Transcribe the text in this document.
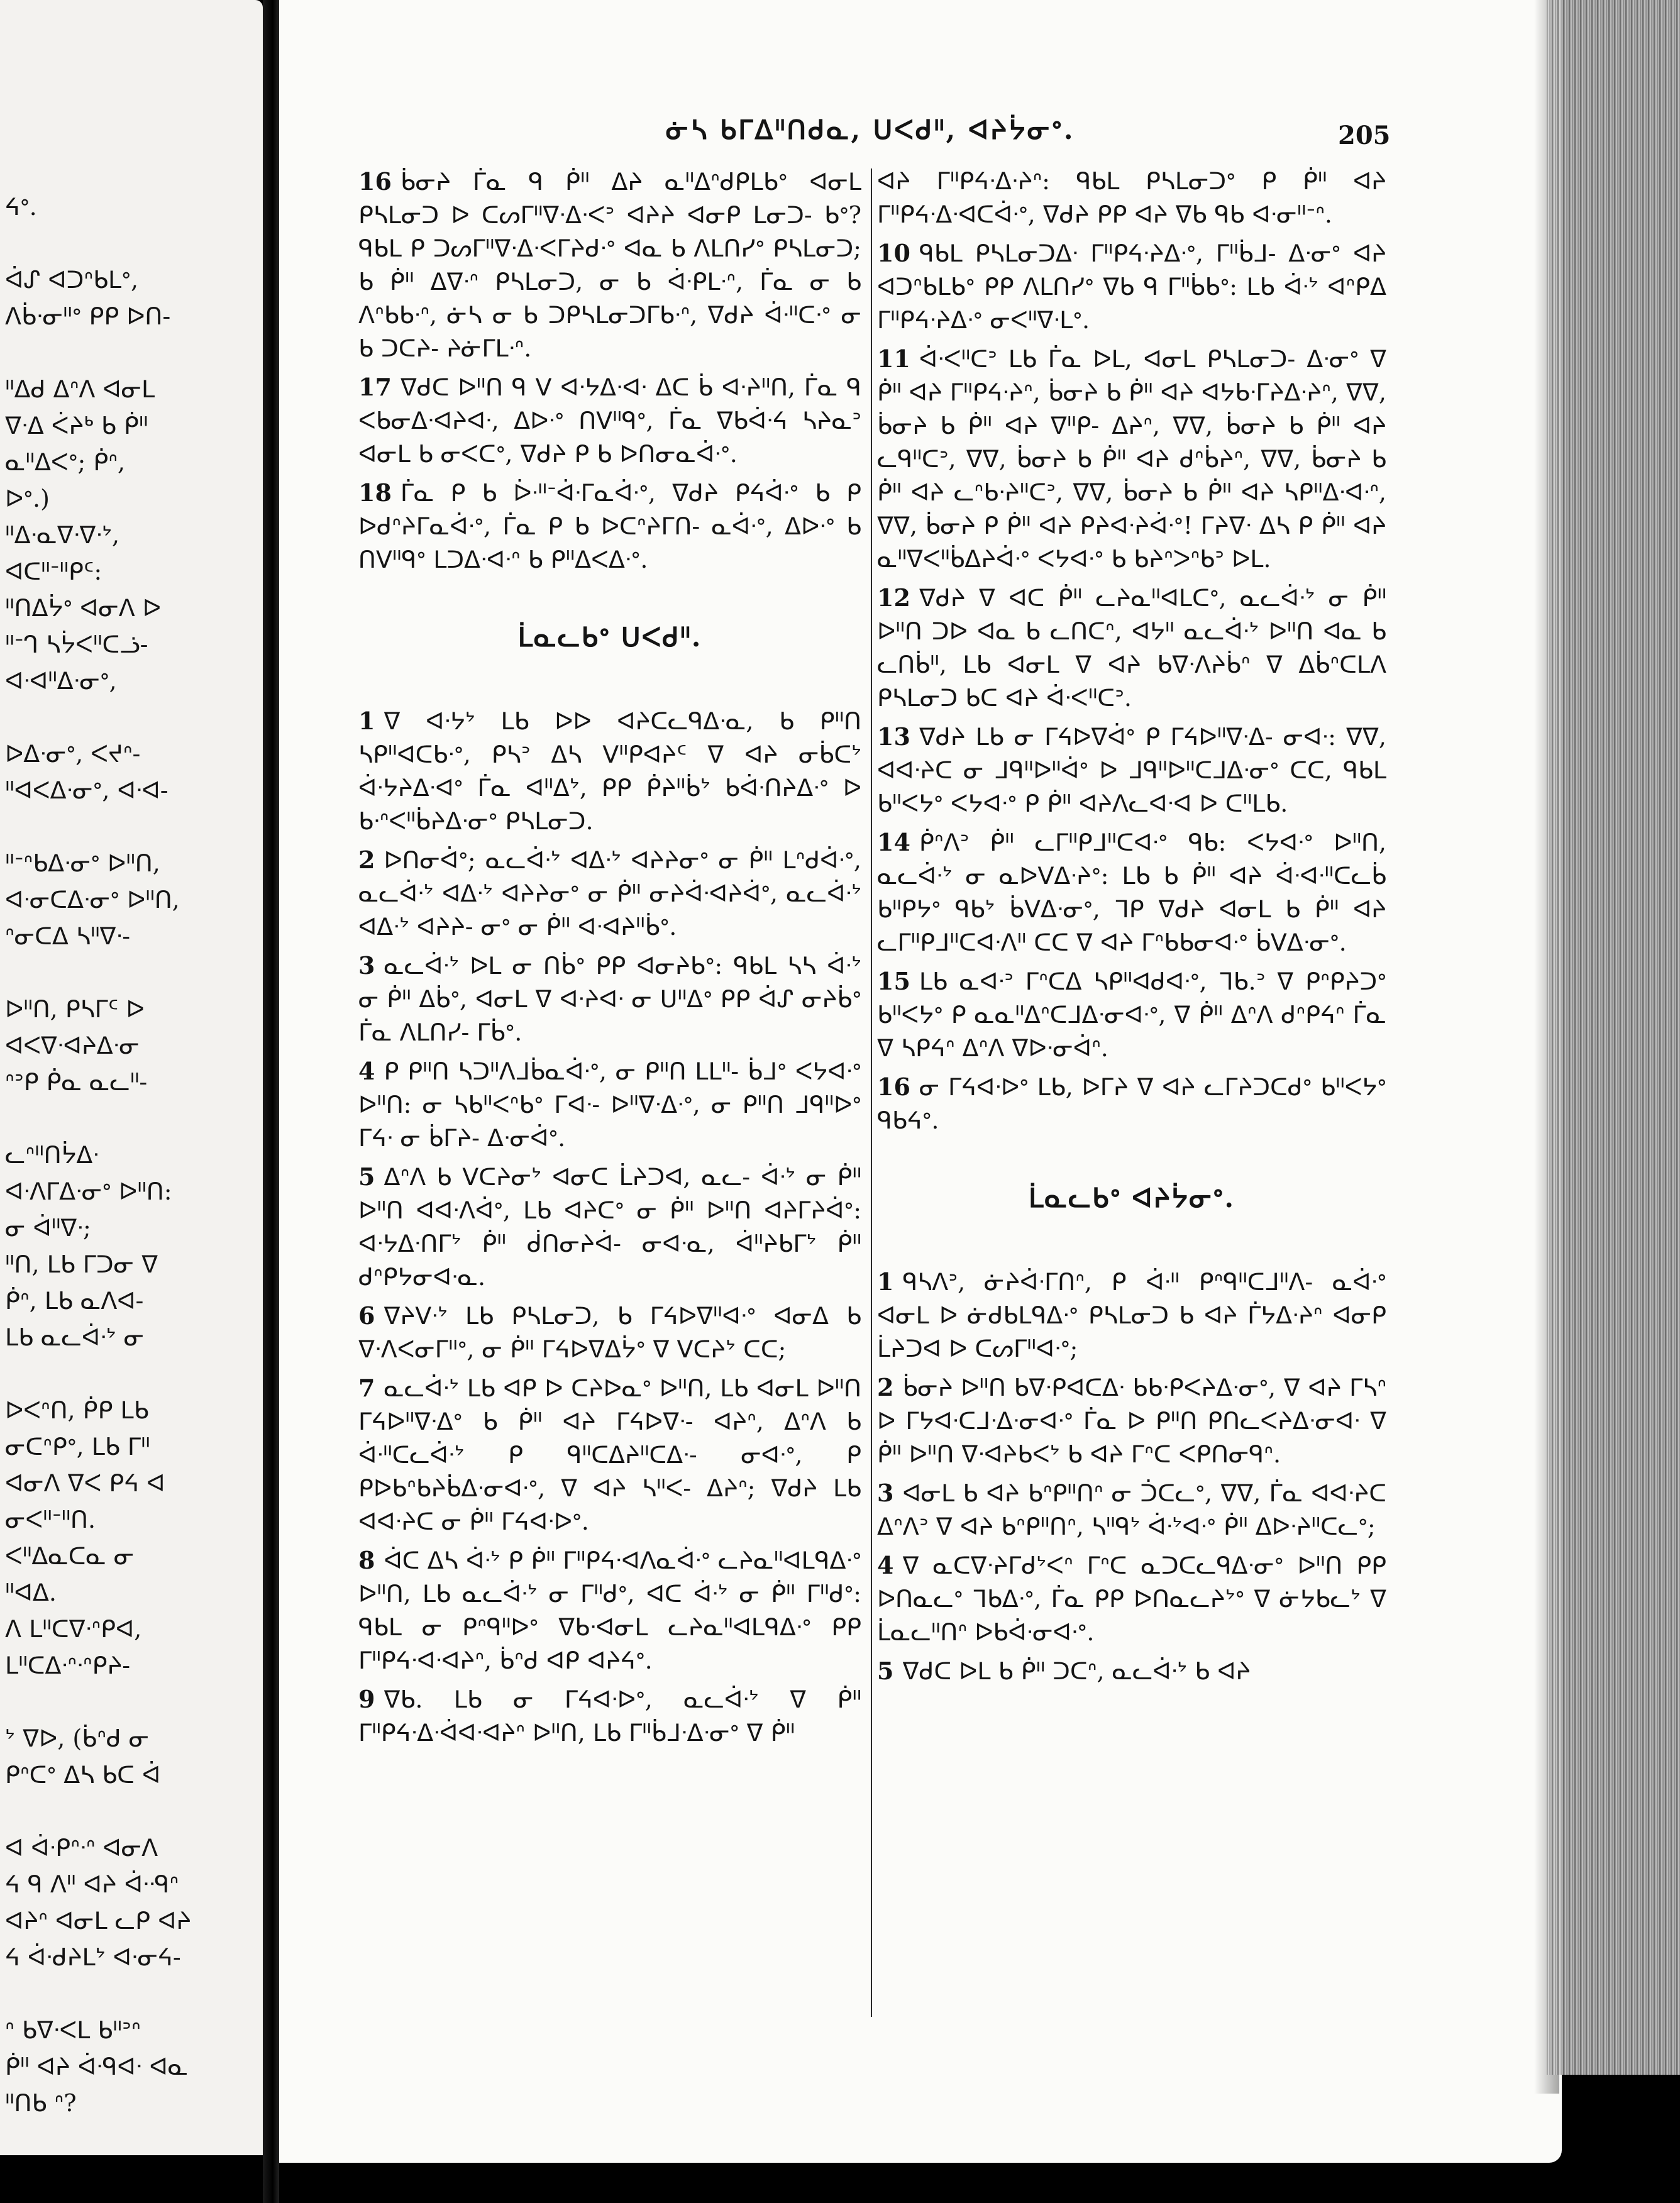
ᔦᐤ.

ᐋᔑ ᐊᑐᐢᑲᒪᐤ,
ᐱᑳᐧᓂᐦᐤ ᑭᑭ ᐅᑎ-

ᐦᐃᑯ ᐃᐢᐱ ᐊᓂᒪ
ᐁᐧᐃ ᐹᔨᒃ ᑲ ᑮᐦ
ᓇᐦᐃᐸᐤ; ᑮᐢ,
ᐅᐤ.)
ᐦᐃᐧᓇᐁᐧᐁᐧᔾ,
ᐊᑕᐦᐨᐦᑭᑦ:
ᐦᑎᐃᔮᐤ ᐊᓂᐱ ᐅ
ᐦᐨᒉ ᓴᔮᐸᐦᑕᓘ-
ᐊᐧᐊᐦᐃᐧᓂᐤ,

ᐅᐃᐧᓂᐤ, ᐸᔪᐢ-
ᐦᐊᐸᐃᐧᓂᐤ, ᐊᐧᐊ-

ᐦᐨᐢᑲᐃᐧᓂᐤ ᐅᐦᑎ,
ᐊᐧᓂᑕᐃᐧᓂᐤ ᐅᐦᑎ,
ᐢᓂᑕᐃ ᓴᐦᐁᐧ-

ᐅᐦᑎ, ᑭᓴᒥᑦ ᐅ
ᐊᐸᐁᐧᐊᔨᐃᐧᓂ
ᐢᐣᑭ ᑮᓇ ᓇᓚᐦ-

ᓚᐢᐦᑎᔮᐃᐧ
ᐊᐧᐱᒥᐃᐧᓂᐤ ᐅᐦᑎ:
ᓂ ᐋᐦᐁᐧ;
ᐦᑎ, ᒪᑲ ᒥᑐᓂ ᐁ
ᑮᐢ, ᒪᑲ ᓇᐱᐊ-
ᒪᑲ ᓇᓚᐋᐧᔾ ᓂ

ᐅᐸᐢᑎ, ᑮᑭ ᒪᑲ
ᓂᑕᐢᑭᐤ, ᒪᑲ ᒥᐦ
ᐊᓂᐱ ᐁᐸ ᑭᔦ ᐊ
ᓂᐸᐦᐨᐦᑎ.
ᐸᐦᐃᓇᑕᓇ ᓂ
ᐦᐊᐃ.
ᐱ ᒪᐦᑕᐁᐧᐢᑭᐊ,
ᒪᐦᑕᐃᐧᐢᐧᐢᑭᔨ-

ᔾ ᐁᐅ, (ᑳᐢᑯ ᓂ
ᑭᐢᑕᐤ ᐃᓴ ᑲᑕ ᐋ

ᐊ ᐋᐧᑭᐢᐧᐢ ᐊᓂᐱ
ᔦ ᑫ ᐱᐦ ᐊᔨ ᐋᐧᑴᐢ
ᐊᔨᐢ ᐊᓂᒪ ᓚᑭ ᐊᔨ
ᔦ ᐋᐧᑯᔨᒪᔾ ᐊᐧᓂᔦ-

ᐢ ᑲᐁᐧᐸᒪ ᑲᐦᐣᐢ
ᑮᐦ ᐊᔨ ᐋᐧᑫᐊᐧ ᐊᓇ
ᐦᑎᑲ ᐢ?
ᓃᓴ ᑲᒥᐃᐦᑎᑯᓇ, ᑌᐸᑯᐦ, ᐊᔨᔮᓂᐤ.	205

16 ᑳᓂᔨ ᒦᓇ ᑫ ᑮᐦ ᐃᔨ ᓇᐦᐃᐢᑯᑭᒪᑲᐤ ᐊᓂᒪ ᑭᓴᒪᓂᑐ ᐅ ᑕᔕᒥᐦᐁᐧᐃᐧᐸᐣ ᐊᔨᔨ ᐊᓂᑭ ᒪᓂᑐ- ᑲᐤ? ᑫᑲᒪ ᑭ ᑐᔕᒥᐦᐁᐧᐃᐧᐸᒥᔨᑯᐧᐤ ᐊᓇ ᑲ ᐱᒪᑎᓯᐤ ᑭᓴᒪᓂᑐ; ᑲ ᑮᐦ ᐃᐁᐧᐢ ᑭᓴᒪᓂᑐ, ᓂ ᑲ ᐋᐧᑭᒪᐧᐢ, ᒦᓇ ᓂ ᑲ ᐱᐢᑲᑲᐧᐢ, ᓃᓴ ᓂ ᑲ ᑐᑭᓴᒪᓂᑐᒥᑲᐧᐢ, ᐁᑯᔨ ᐋᐧᐦᑕᐧᐤ ᓂ ᑲ ᑐᑕᔨ- ᔨᓃᒥᒪᐧᐢ.

17 ᐁᑯᑕ ᐅᐦᑎ ᑫ ᐯ ᐊᐧᔭᐃᐧᐊᐧ ᐃᑕ ᑳ ᐊᐧᔨᐦᑎ, ᒦᓇ ᑫ ᐸᑲᓂᐃᐧᐊᔨᐊᐧ, ᐃᐅᐧᐤ ᑎᐯᐦᑫᐤ, ᒦᓇ ᐁᑲᐋᐧᔦ ᓴᔨᓇᐣ ᐊᓂᒪ ᑲ ᓂᐸᑕᐤ, ᐁᑯᔨ ᑭ ᑲ ᐅᑎᓂᓇᐋᐧᐤ.

18 ᒦᓇ ᑭ ᑲ ᐆᐧᐦᐨᐋᐧᒥᓇᐋᐧᐤ, ᐁᑯᔨ ᑭᔦᐋᐧᐤ ᑲ ᑭ ᐅᑯᐢᔨᒥᓇᐋᐧᐤ, ᒦᓇ ᑭ ᑲ ᐅᑕᐢᔨᒥᑎ- ᓇᐋᐧᐤ, ᐃᐅᐧᐤ ᑲ ᑎᐯᐦᑫᐤ ᒪᑐᐃᐧᐊᐧᐢ ᑲ ᑭᐦᐃᐸᐃᐧᐤ.

ᒫᓇᓚᑲᐤ ᑌᐸᑯᐦ.

1 ᐁ ᐊᐧᔭᔾ ᒪᑲ ᐅᐅ ᐊᔨᑕᓚᑫᐃᐧᓇ, ᑲ ᑭᐦᑎ ᓴᑭᐦᐊᑕᑲᐧᐤ, ᑭᓴᐣ ᐃᓴ ᐯᐦᑭᐊᔨᑦ ᐁ ᐊᔨ ᓂᑳᑕᔾ ᐋᐧᔭᔨᐃᐧᐊᐤ ᒦᓇ ᐊᐦᐃᔾ, ᑭᑭ ᑮᔨᐦᑳᔾ ᑲᐋᐧᑎᔨᐃᐧᐤ ᐅ ᑲᐧᐢᐸᐦᑳᔨᐃᐧᓂᐤ ᑭᓴᒪᓂᑐ.

2 ᐅᑎᓂᐋᐤ; ᓇᓚᐋᐧᔾ ᐊᐃᐧᔾ ᐊᔨᔨᓂᐤ ᓂ ᑮᐦ ᒪᐢᑯᐋᐧᐤ, ᓇᓚᐋᐧᔾ ᐊᐃᐧᔾ ᐊᔨᔨᓂᐤ ᓂ ᑮᐦ ᓂᔨᐋᐧᐊᔨᐋᐤ, ᓇᓚᐋᐧᔾ ᐊᐃᐧᔾ ᐊᔨᔨ- ᓂᐤ ᓂ ᑮᐦ ᐊᐧᐊᔨᐦᑳᐤ.

3 ᓇᓚᐋᐧᔾ ᐅᒪ ᓂ ᑎᑳᐤ ᑭᑭ ᐊᓂᔨᑲᐤ: ᑫᑲᒪ ᓴᓴ ᐋᐧᔾ ᓂ ᑮᐦ ᐃᑳᐤ, ᐊᓂᒪ ᐁ ᐊᐧᔨᐊᐧ ᓂ ᑌᐦᐃᐤ ᑭᑭ ᐋᔑ ᓂᔨᑳᐤ ᒦᓇ ᐱᒪᑎᓯ- ᒥᑳᐤ.

4 ᑭ ᑭᐦᑎ ᓴᑐᐦᐱᒧᑳᓇᐋᐧᐤ, ᓂ ᑭᐦᑎ ᒪᒪᐦ- ᑳᒧᐤ ᐸᔭᐊᐧᐤ ᐅᐦᑎ: ᓂ ᓴᑲᐦᐸᐢᑲᐤ ᒥᐊᐧ- ᐅᐦᐁᐧᐃᐧᐤ, ᓂ ᑭᐦᑎ ᒧᑫᐦᐅᐤ ᒥᔦᐧ ᓂ ᑳᒥᔨ- ᐃᐧᓂᐋᐤ.

5 ᐃᐢᐱ ᑲ ᐯᑕᔨᓂᔾ ᐊᓂᑕ ᒫᔨᑐᐊ, ᓇᓚ- ᐋᐧᔾ ᓂ ᑮᐦ ᐅᐦᑎ ᐊᐊᐧᐱᐋᐤ, ᒪᑲ ᐊᔨᑕᐤ ᓂ ᑮᐦ ᐅᐦᑎ ᐊᔨᒥᔨᐋᐤ: ᐊᐧᔭᐃᐧᑎᒥᔾ ᑮᐦ ᑰᑎᓂᔨᐋ- ᓂᐊᐧᓇ, ᐋᐦᔨᑲᒥᔾ ᑮᐦ ᑯᐢᑭᔭᓂᐊᐧᓇ.

6 ᐁᔨᐯᐧᔾ ᒪᑲ ᑭᓴᒪᓂᑐ, ᑲ ᒥᔦᐅᐁᐦᐊᐧᐤ ᐊᓂᐃ ᑲ ᐁᐧᐱᐸᓂᒥᐦᐤ, ᓂ ᑮᐦ ᒥᔦᐅᐁᐃᔮᐤ ᐁ ᐯᑕᔨᔾ ᑕᑕ;

7 ᓇᓚᐋᐧᔾ ᒪᑲ ᐊᑭ ᐅ ᑕᔨᐅᓇᐤ ᐅᐦᑎ, ᒪᑲ ᐊᓂᒪ ᐅᐦᑎ ᒥᔦᐅᐦᐁᐧᐃᐤ ᑲ ᑮᐦ ᐊᔨ ᒥᔦᐅᐁᐧ- ᐊᔨᐢ, ᐃᐢᐱ ᑲ ᐋᐧᐦᑕᓚᐋᐧᔾ ᑭ ᑫᐦᑕᐃᔨᐦᑕᐃᐧ- ᓂᐊᐧᐤ, ᑭ ᑭᐅᑲᐢᑲᔨᑳᐃᐧᓂᐊᐧᐤ, ᐁ ᐊᔨ ᓴᐦᐸ- ᐃᔨᐢ; ᐁᑯᔨ ᒪᑲ ᐊᐊᐧᔨᑕ ᓂ ᑮᐦ ᒥᔦᐊᐧᐅᐤ.

8 ᐋᑕ ᐃᓴ ᐋᐧᔾ ᑭ ᑮᐦ ᒥᐦᑭᔦᐧᐊᐱᓇᐋᐧᐤ ᓚᔨᓇᐦᐊᒪᑫᐃᐧᐤ ᐅᐦᑎ, ᒪᑲ ᓇᓚᐋᐧᔾ ᓂ ᒥᐦᑯᐤ, ᐊᑕ ᐋᐧᔾ ᓂ ᑮᐦ ᒥᐦᑯᐤ: ᑫᑲᒪ ᓂ ᑭᐢᑫᐦᐅᐤ ᐁᑲᐧᐊᓂᒪ ᓚᔨᓇᐦᐊᒪᑫᐃᐧᐤ ᑭᑭ ᒥᐦᑭᔦᐧᐊᐧᐊᔨᐢ, ᑳᐢᑯ ᐊᑭ ᐊᔨᔦᐤ.

9 ᐁᑲ. ᒪᑲ ᓂ ᒥᔦᐊᐧᐅᐤ, ᓇᓚᐋᐧᔾ ᐁ ᑮᐦ ᒥᐦᑭᔦᐧᐃᐧᐋᐊᐧᐊᔨᐢ ᐅᐦᑎ, ᒪᑲ ᒥᐦᑳᒧᐧᐃᐧᓂᐤ ᐁ ᑮᐦ

ᐊᔨ ᒥᐦᑭᔦᐧᐃᐧᔨᐢ: ᑫᑲᒪ ᑭᓴᒪᓂᑐᐤ ᑭ ᑮᐦ ᐊᔨ ᒥᐦᑭᔦᐧᐃᐧᐊᑕᐋᐧᐤ, ᐁᑯᔨ ᑭᑭ ᐊᔨ ᐁᑲ ᑫᑲ ᐊᐧᓂᐦᐨᐢ.

10 ᑫᑲᒪ ᑭᓴᒪᓂᑐᐃᐧ ᒥᐦᑭᔦᐧᔨᐃᐧᐤ, ᒥᐦᑳᒧ- ᐃᐧᓂᐤ ᐊᔨ ᐊᑐᐢᑲᒪᑲᐤ ᑭᑭ ᐱᒪᑎᓯᐤ ᐁᑲ ᑫ ᒥᐦᑳᑲᐤ: ᒪᑲ ᐋᐧᔾ ᐊᐢᑭᐃ ᒥᐦᑭᔦᐧᔨᐃᐧᐤ ᓂᐸᐦᐁᐧᒪᐤ.

11 ᐋᐧᐸᐦᑕᐣ ᒪᑲ ᒦᓇ ᐅᒪ, ᐊᓂᒪ ᑭᓴᒪᓂᑐ- ᐃᐧᓂᐤ ᐁ ᑮᐦ ᐊᔨ ᒥᐦᑭᔦᐧᔨᐢ, ᑳᓂᔨ ᑲ ᑮᐦ ᐊᔨ ᐊᔭᑲᐧᒥᔨᐃᐧᔨᐢ, ᐁᐁ, ᑳᓂᔨ ᑲ ᑮᐦ ᐊᔨ ᐁᐦᑭ- ᐃᔨᐢ, ᐁᐁ, ᑳᓂᔨ ᑲ ᑮᐦ ᐊᔨ ᓚᑫᐦᑕᐣ, ᐁᐁ, ᑳᓂᔨ ᑲ ᑮᐦ ᐊᔨ ᑯᐢᑳᔨᐢ, ᐁᐁ, ᑳᓂᔨ ᑲ ᑮᐦ ᐊᔨ ᓚᐢᑲᐧᔨᐦᑕᐣ, ᐁᐁ, ᑳᓂᔨ ᑲ ᑮᐦ ᐊᔨ ᓴᑭᐦᐃᐧᐊᐧᐢ, ᐁᐁ, ᑳᓂᔨ ᑭ ᑮᐦ ᐊᔨ ᑭᔨᐊᐧᔨᐋᐧᐤ! ᒥᔨᐁᐧ ᐃᓴ ᑭ ᑮᐦ ᐊᔨ ᓇᐦᐁᐸᐦᑳᐃᔨᐋᐧᐤ ᐸᔭᐊᐧᐤ ᑲ ᑲᔨᐢᐳᐢᑲᐣ ᐅᒪ.

12 ᐁᑯᔨ ᐁ ᐊᑕ ᑮᐦ ᓚᔨᓇᐦᐊᒪᑕᐤ, ᓇᓚᐋᐧᔾ ᓂ ᑮᐦ ᐅᐦᑎ ᑐᐅ ᐊᓇ ᑲ ᓚᑎᑕᐢ, ᐊᔭᐦ ᓇᓚᐋᐧᔾ ᐅᐦᑎ ᐊᓇ ᑲ ᓚᑎᑳᐦ, ᒪᑲ ᐊᓂᒪ ᐁ ᐊᔨ ᑲᐁᐧᐱᔨᑳᐢ ᐁ ᐃᑳᐢᑕᒪᐱ ᑭᓴᒪᓂᑐ ᑲᑕ ᐊᔨ ᐋᐧᐸᐦᑕᐣ.

13 ᐁᑯᔨ ᒪᑲ ᓂ ᒥᔦᐅᐁᐋᐤ ᑭ ᒥᔦᐅᐦᐁᐧᐃ- ᓂᐊᐧ: ᐁᐁ, ᐊᐊᐧᔨᑕ ᓂ ᒧᑫᐦᐅᐦᐋᐤ ᐅ ᒧᑫᐦᐅᐦᑕᒧᐃᐧᓂᐤ ᑕᑕ, ᑫᑲᒪ ᑲᐦᐸᔭᐤ ᐸᔭᐊᐧᐤ ᑭ ᑮᐦ ᐊᔨᐱᓚᐊᐧᐊ ᐅ ᑕᐦᒪᑲ.

14 ᑮᐢᐱᐣ ᑮᐦ ᓚᒥᐦᑭᒧᐦᑕᐊᐧᐤ ᑫᑲ: ᐸᔭᐊᐧᐤ ᐅᐦᑎ, ᓇᓚᐋᐧᔾ ᓂ ᓇᐅᐯᐃᐧᔨᐤ: ᒪᑲ ᑲ ᑮᐦ ᐊᔨ ᐋᐧᐊᐧᐦᑕᓚᑳ ᑲᐦᑭᔭᐤ ᑫᑲᔾ ᑳᐯᐃᐧᓂᐤ, ᒣᑭ ᐁᑯᔨ ᐊᓂᒪ ᑲ ᑮᐦ ᐊᔨ ᓚᒥᐦᑭᒧᐦᑕᐊᐧᐱᐦ ᑕᑕ ᐁ ᐊᔨ ᒥᐢᑲᑲᓂᐊᐧᐤ ᑳᐯᐃᐧᓂᐤ.

15 ᒪᑲ ᓇᐊᐧᐣ ᒥᐢᑕᐃ ᓴᑭᐦᐊᑯᐊᐧᐤ, ᒣᑲ.ᐣ ᐁ ᑭᐢᑭᔨᑐᐤ ᑲᐦᐸᔭᐤ ᑭ ᓇᓇᐦᐃᐢᑕᒧᐃᐧᓂᐊᐧᐤ, ᐁ ᑮᐦ ᐃᐢᐱ ᑯᐢᑭᔦᐢ ᒦᓇ ᐁ ᓴᑭᔦᐢ ᐃᐢᐱ ᐁᐅᐧᓂᐋᐢ.

16 ᓂ ᒥᔦᐊᐧᐅᐤ ᒪᑲ, ᐅᒥᔨ ᐁ ᐊᔨ ᓚᒥᔨᑐᑕᑯᐤ ᑲᐦᐸᔭᐤ ᑫᑲᔦᐤ.

ᒫᓇᓚᑲᐤ ᐊᔨᔮᓂᐤ.

1 ᑫᓴᐱᐣ, ᓃᔨᐋᐧᒥᑎᐢ, ᑭ ᐋᐧᐦ ᑭᐢᑫᐦᑕᒧᐦᐱ- ᓇᐋᐧᐤ ᐊᓂᒪ ᐅ ᓃᑯᑲᒪᑫᐃᐧᐤ ᑭᓴᒪᓂᑐ ᑲ ᐊᔨ ᒦᔭᐃᐧᔨᐢ ᐊᓂᑭ ᒫᔨᑐᐊ ᐅ ᑕᔕᒥᐦᐊᐧᐤ;

2 ᑳᓂᔨ ᐅᐦᑎ ᑲᐁᐧᑭᐊᑕᐃᐧ ᑲᑲᐧᑭᐸᔨᐃᐧᓂᐤ, ᐁ ᐊᔨ ᒥᓴᐢ ᐅ ᒥᔭᐊᐧᑕᒧᐧᐃᐧᓂᐊᐧᐤ ᒦᓇ ᐅ ᑭᐦᑎ ᑭᑎᓚᐸᔨᐃᐧᓂᐊᐧ ᐁ ᑮᐦ ᐅᐦᑎ ᐁᐧᐊᔨᑲᐸᔾ ᑲ ᐊᔨ ᒥᐢᑕ ᐸᑭᑎᓂᑫᐢ.

3 ᐊᓂᒪ ᑲ ᐊᔨ ᑲᐢᑭᐦᑎᐢ ᓂ ᑑᑕᓚᐤ, ᐁᐁ, ᒦᓇ ᐊᐊᐧᔨᑕ ᐃᐢᐱᐣ ᐁ ᐊᔨ ᑲᐢᑭᐦᑎᐢ, ᓴᐦᑫᔾ ᐋᐧᔾᐊᐧᐤ ᑮᐦ ᐃᐅᐧᔨᐦᑕᓚᐤ;

4 ᐁ ᓇᑕᐁᐧᔨᒥᑯᔾᐸᐢ ᒥᐢᑕ ᓇᑐᑕᓚᑫᐃᐧᓂᐤ ᐅᐦᑎ ᑭᑭ ᐅᑎᓇᓚᐤ ᒣᑲᐃᐧᐤ, ᒦᓇ ᑭᑭ ᐅᑎᓇᓚᔨᔾᐤ ᐁ ᓃᔭᑲᓚᔾ ᐁ ᒫᓇᓚᐦᑎᐢ ᐅᑲᐋᐧᓂᐊᐧᐤ.

5 ᐁᑯᑕ ᐅᒪ ᑲ ᑮᐦ ᑐᑕᐢ, ᓇᓚᐋᐧᔾ ᑲ ᐊᔨ
